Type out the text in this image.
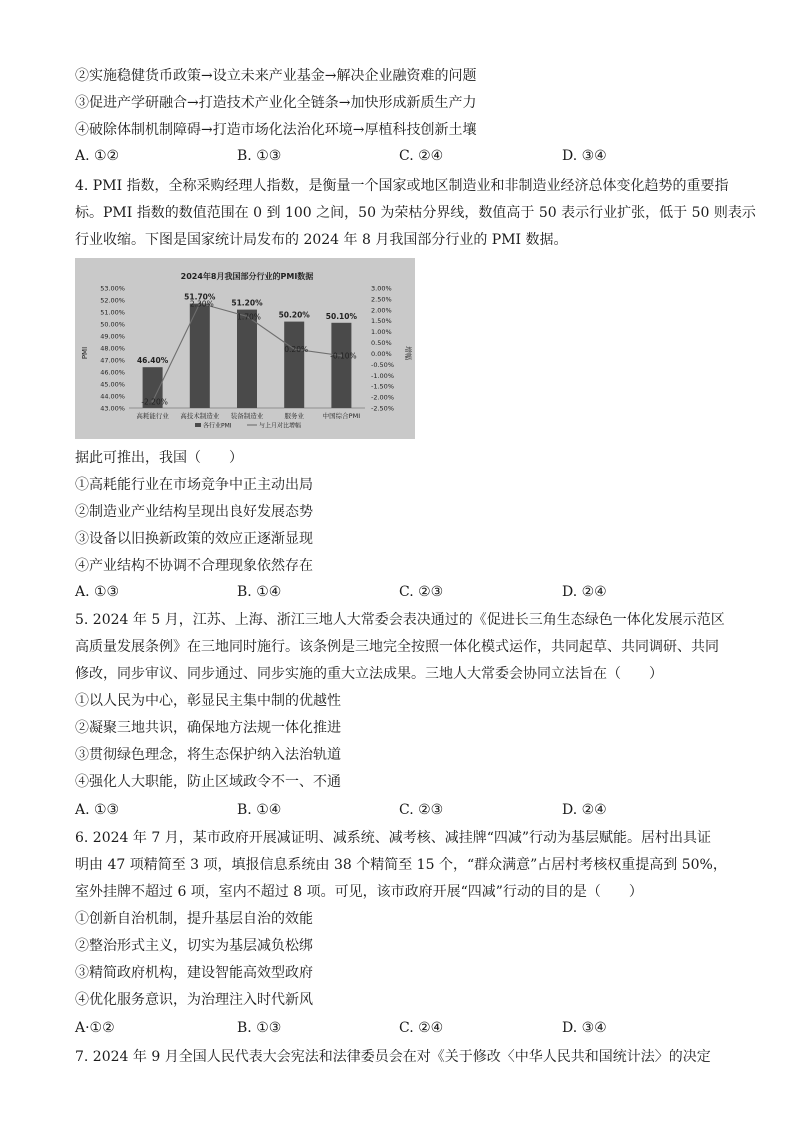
②实施稳健货币政策→设立未来产业基金→解决企业融资难的问题
③促进产学研融合→打造技术产业化全链条→加快形成新质生产力
④破除体制机制障碍→打造市场化法治化环境→厚植科技创新土壤
A. ①②	B. ①③	C. ②④	D. ③④
4. PMI 指数，全称采购经理人指数，是衡量一个国家或地区制造业和非制造业经济总体变化趋势的重要指
标。PMI 指数的数值范围在 0 到 100 之间，50 为荣枯分界线，数值高于 50 表示行业扩张，低于 50 则表示
行业收缩。下图是国家统计局发布的 2024 年 8 月我国部分行业的 PMI 数据。
2024年8月我国部分行业的PMI数据
43.00%
44.00%
45.00%
46.00%
47.00%
48.00%
49.00%
50.00%
51.00%
52.00%
53.00%
-2.50%
-2.00%
-1.50%
-1.00%
-0.50%
0.00%
0.50%
1.00%
1.50%
2.00%
2.50%
3.00%
PMI	增幅
46.40%
51.70%
51.20%
50.20% 50.10%
-2.20%
2.30%
1.70%
0.20%
-0.10%
高耗能行业 高技术制造业 装备制造业	服务业	中国综合PMI
各行业PMI	与上月对比增幅
据此可推出，我国（　　）
①高耗能行业在市场竞争中正主动出局
②制造业产业结构呈现出良好发展态势
③设备以旧换新政策的效应正逐渐显现
④产业结构不协调不合理现象依然存在
A. ①③	B. ①④	C. ②③	D. ②④
5. 2024 年 5 月，江苏、上海、浙江三地人大常委会表决通过的《促进长三角生态绿色一体化发展示范区
高质量发展条例》在三地同时施行。该条例是三地完全按照一体化模式运作，共同起草、共同调研、共同
修改，同步审议、同步通过、同步实施的重大立法成果。三地人大常委会协同立法旨在（　　）
①以人民为中心，彰显民主集中制的优越性
②凝聚三地共识，确保地方法规一体化推进
③贯彻绿色理念，将生态保护纳入法治轨道
④强化人大职能，防止区域政令不一、不通
A. ①③	B. ①④	C. ②③	D. ②④
6. 2024 年 7 月，某市政府开展减证明、减系统、减考核、减挂牌“四减”行动为基层赋能。居村出具证
明由 47 项精简至 3 项，填报信息系统由 38 个精简至 15 个，“群众满意”占居村考核权重提高到 50%，
室外挂牌不超过 6 项，室内不超过 8 项。可见，该市政府开展“四减”行动的目的是（　　）
①创新自治机制，提升基层自治的效能
②整治形式主义，切实为基层减负松绑
③精简政府机构，建设智能高效型政府
④优化服务意识，为治理注入时代新风
A·①②	B. ①③	C. ②④	D. ③④
7. 2024 年 9 月全国人民代表大会宪法和法律委员会在对《关于修改〈中华人民共和国统计法〉的决定
